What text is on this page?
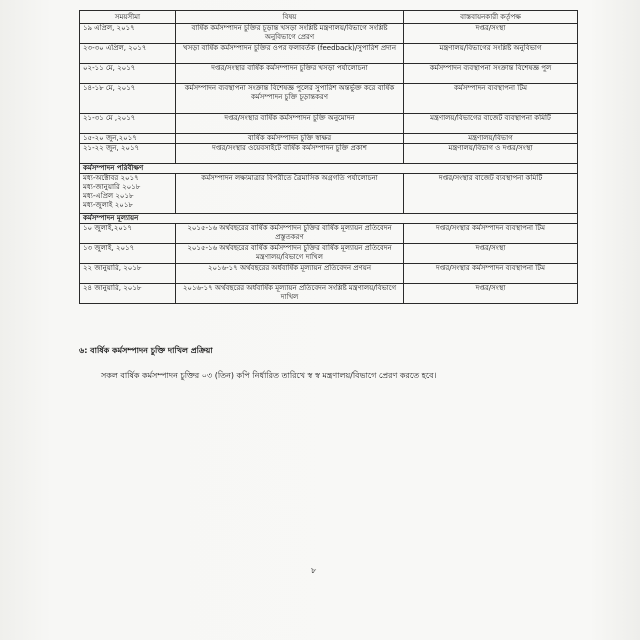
সময়সীমা	বিষয়	বাস্তবায়নকারী কর্তৃপক্ষ
১৯ এপ্রিল, ২০১৭	বার্ষিক কর্মসম্পাদন চুক্তির চূড়ান্ত খসড়া সংশ্লিষ্ট মন্ত্রণালয়/বিভাগে সংশ্লিষ্ট অনুবিভাগে প্রেরণ	দপ্তর/সংস্থা
২৩-৩০ এপ্রিল, ২০১৭	খসড়া বার্ষিক কর্মসম্পাদন চুক্তির ওপর ফলাবর্তক (feedback)/সুপারিশ প্রদান	মন্ত্রণালয়/বিভাগের সংশ্লিষ্ট অনুবিভাগ
০২-১১ মে, ২০১৭	দপ্তর/সংস্থার বার্ষিক কর্মসম্পাদন চুক্তির খসড়া পর্যালোচনা	কর্মসম্পাদন ব্যবস্থাপনা সংক্রান্ত বিশেষজ্ঞ পুল
১৪-১৮ মে, ২০১৭	কর্মসম্পাদন ব্যবস্থাপনা সংক্রান্ত বিশেষজ্ঞ পুলের সুপারিশ অন্তর্ভুক্ত করে বার্ষিক কর্মসম্পাদন চুক্তি চূড়ান্তকরণ	কর্মসম্পাদন ব্যবস্থাপনা টিম
২১-৩১ মে ,২০১৭	দপ্তর/সংস্থার বার্ষিক কর্মসম্পাদন চুক্তি অনুমোদন	মন্ত্রণালয়/বিভাগের বাজেট ব্যবস্থাপনা কমিটি
১৫-২০ জুন,২০১৭	বার্ষিক কর্মসম্পাদন চুক্তি স্বাক্ষর	মন্ত্রণালয়/বিভাগ
২১-২২ জুন, ২০১৭	দপ্তর/সংস্থার ওয়েবসাইটে বার্ষিক কর্মসম্পাদন চুক্তি প্রকাশ	মন্ত্রণালয়/বিভাগ ও দপ্তর/সংস্থা
কর্মসম্পাদন পরিবীক্ষণ		

মধ্য-অক্টোবর ২০১৭
মধ্য-জানুয়ারি ২০১৮
মধ্য-এপ্রিল ২০১৮
মধ্য-জুলাই ২০১৮	কর্মসম্পাদন লক্ষ্যমাত্রার বিপরীতে ত্রৈমাসিক অগ্রগতি পর্যালোচনা	দপ্তর/সংস্থার বাজেট ব্যবস্থাপনা কমিটি
কর্মসম্পাদন মূল্যায়ন		
১০ জুলাই,২০১৭	২০১৫-১৬ অর্থবছরের বার্ষিক কর্মসম্পাদন চুক্তির বার্ষিক মূল্যায়ন প্রতিবেদন প্রস্তুতকরণ	দপ্তর/সংস্থার কর্মসম্পাদন ব্যবস্থাপনা টিম
১৩ জুলাই, ২০১৭	২০১৫-১৬ অর্থবছরের বার্ষিক কর্মসম্পাদন চুক্তির বার্ষিক মূল্যায়ন প্রতিবেদন মন্ত্রণালয়/বিভাগে দাখিল	দপ্তর/সংস্থা
২২ জানুয়ারি, ২০১৮	২০১৬-১৭ অর্থবছরের অর্ধবার্ষিক মূল্যায়ন প্রতিবেদন প্রণয়ন	দপ্তর/সংস্থার কর্মসম্পাদন ব্যবস্থাপনা টিম
২৪ জানুয়ারি, ২০১৮	২০১৬-১৭ অর্থবছরের অর্ধবার্ষিক মূল্যায়ন প্রতিবেদন সংশ্লিষ্ট মন্ত্রণালয়/বিভাগে দাখিল	দপ্তর/সংস্থা
৬: বার্ষিক কর্মসম্পাদন চুক্তি দাখিল প্রক্রিয়া
সকল বার্ষিক কর্মসম্পাদন চুক্তির ০৩ (তিন) কপি নির্ধারিত তারিখে স্ব স্ব মন্ত্রণালয়/বিভাগে প্রেরণ করতে হবে।
৮
